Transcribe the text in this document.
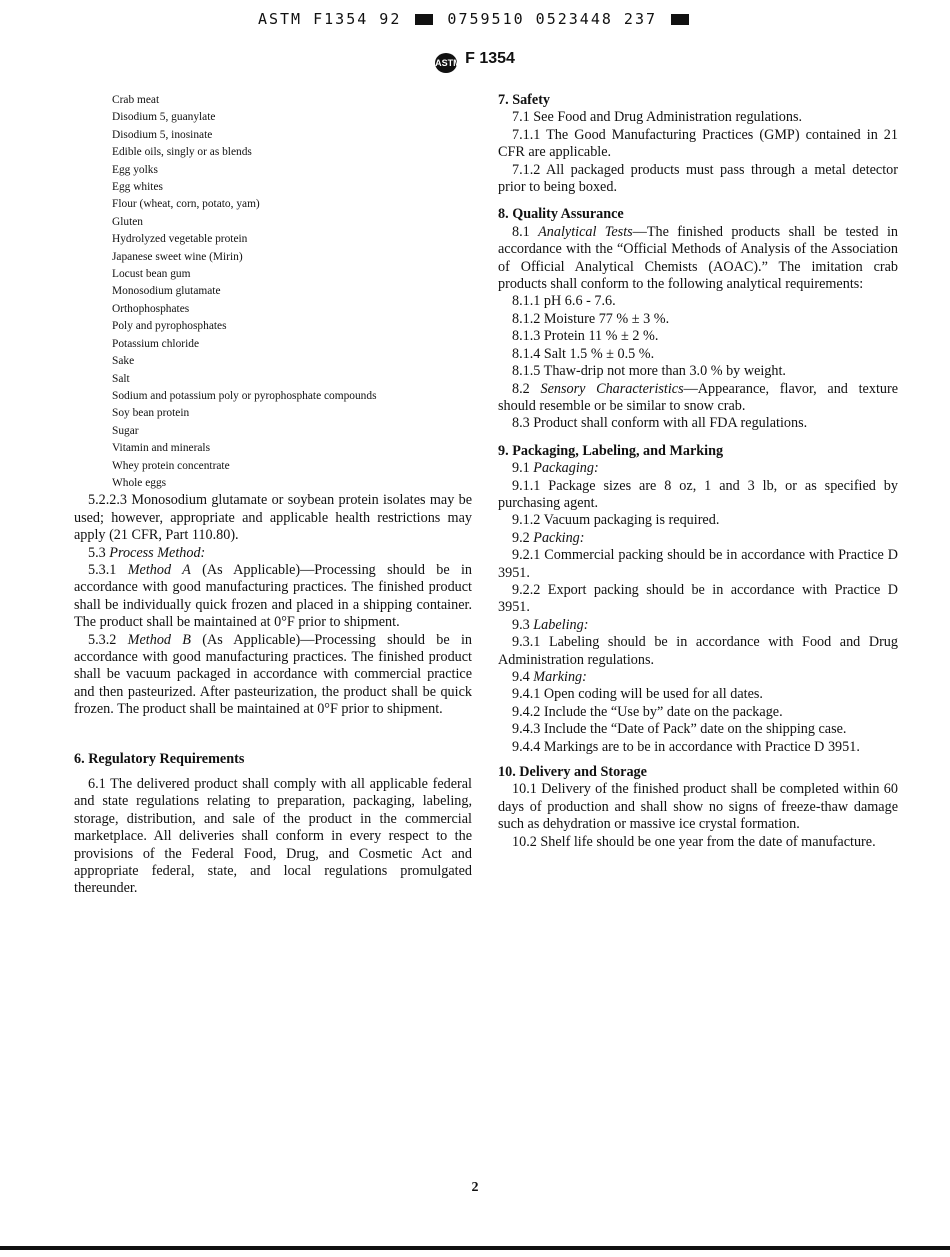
ASTM F1354 92	0759510 0523448 237
ASTM F 1354
Crab meat
Disodium 5, guanylate
Disodium 5, inosinate
Edible oils, singly or as blends
Egg yolks
Egg whites
Flour (wheat, corn, potato, yam)
Gluten
Hydrolyzed vegetable protein
Japanese sweet wine (Mirin)
Locust bean gum
Monosodium glutamate
Orthophosphates
Poly and pyrophosphates
Potassium chloride
Sake
Salt
Sodium and potassium poly or pyrophosphate compounds
Soy bean protein
Sugar
Vitamin and minerals
Whey protein concentrate
Whole eggs

5.2.2.3 Monosodium glutamate or soybean protein isolates may be used; however, appropriate and applicable health restrictions may apply (21 CFR, Part 110.80).

5.3 Process Method:

5.3.1 Method A (As Applicable)—Processing should be in accordance with good manufacturing practices. The finished product shall be individually quick frozen and placed in a shipping container. The product shall be maintained at 0°F prior to shipment.

5.3.2 Method B (As Applicable)—Processing should be in accordance with good manufacturing practices. The finished product shall be vacuum packaged in accordance with commercial practice and then pasteurized. After pasteurization, the product shall be quick frozen. The product shall be maintained at 0°F prior to shipment.

6. Regulatory Requirements

6.1 The delivered product shall comply with all applicable federal and state regulations relating to preparation, packaging, labeling, storage, distribution, and sale of the product in the commercial marketplace. All deliveries shall conform in every respect to the provisions of the Federal Food, Drug, and Cosmetic Act and appropriate federal, state, and local regulations promulgated thereunder.

7. Safety

7.1 See Food and Drug Administration regulations.

7.1.1 The Good Manufacturing Practices (GMP) contained in 21 CFR are applicable.

7.1.2 All packaged products must pass through a metal detector prior to being boxed.

8. Quality Assurance

8.1 Analytical Tests—The finished products shall be tested in accordance with the “Official Methods of Analysis of the Association of Official Analytical Chemists (AOAC).” The imitation crab products shall conform to the following analytical requirements:

8.1.1 pH 6.6 - 7.6.

8.1.2 Moisture 77 % ± 3 %.

8.1.3 Protein 11 % ± 2 %.

8.1.4 Salt 1.5 % ± 0.5 %.

8.1.5 Thaw-drip not more than 3.0 % by weight.

8.2 Sensory Characteristics—Appearance, flavor, and texture should resemble or be similar to snow crab.

8.3 Product shall conform with all FDA regulations.

9. Packaging, Labeling, and Marking

9.1 Packaging:

9.1.1 Package sizes are 8 oz, 1 and 3 lb, or as specified by purchasing agent.

9.1.2 Vacuum packaging is required.

9.2 Packing:

9.2.1 Commercial packing should be in accordance with Practice D 3951.

9.2.2 Export packing should be in accordance with Practice D 3951.

9.3 Labeling:

9.3.1 Labeling should be in accordance with Food and Drug Administration regulations.

9.4 Marking:

9.4.1 Open coding will be used for all dates.

9.4.2 Include the “Use by” date on the package.

9.4.3 Include the “Date of Pack” date on the shipping case.

9.4.4 Markings are to be in accordance with Practice D 3951.

10. Delivery and Storage

10.1 Delivery of the finished product shall be completed within 60 days of production and shall show no signs of freeze-thaw damage such as dehydration or massive ice crystal formation.

10.2 Shelf life should be one year from the date of manufacture.

2
